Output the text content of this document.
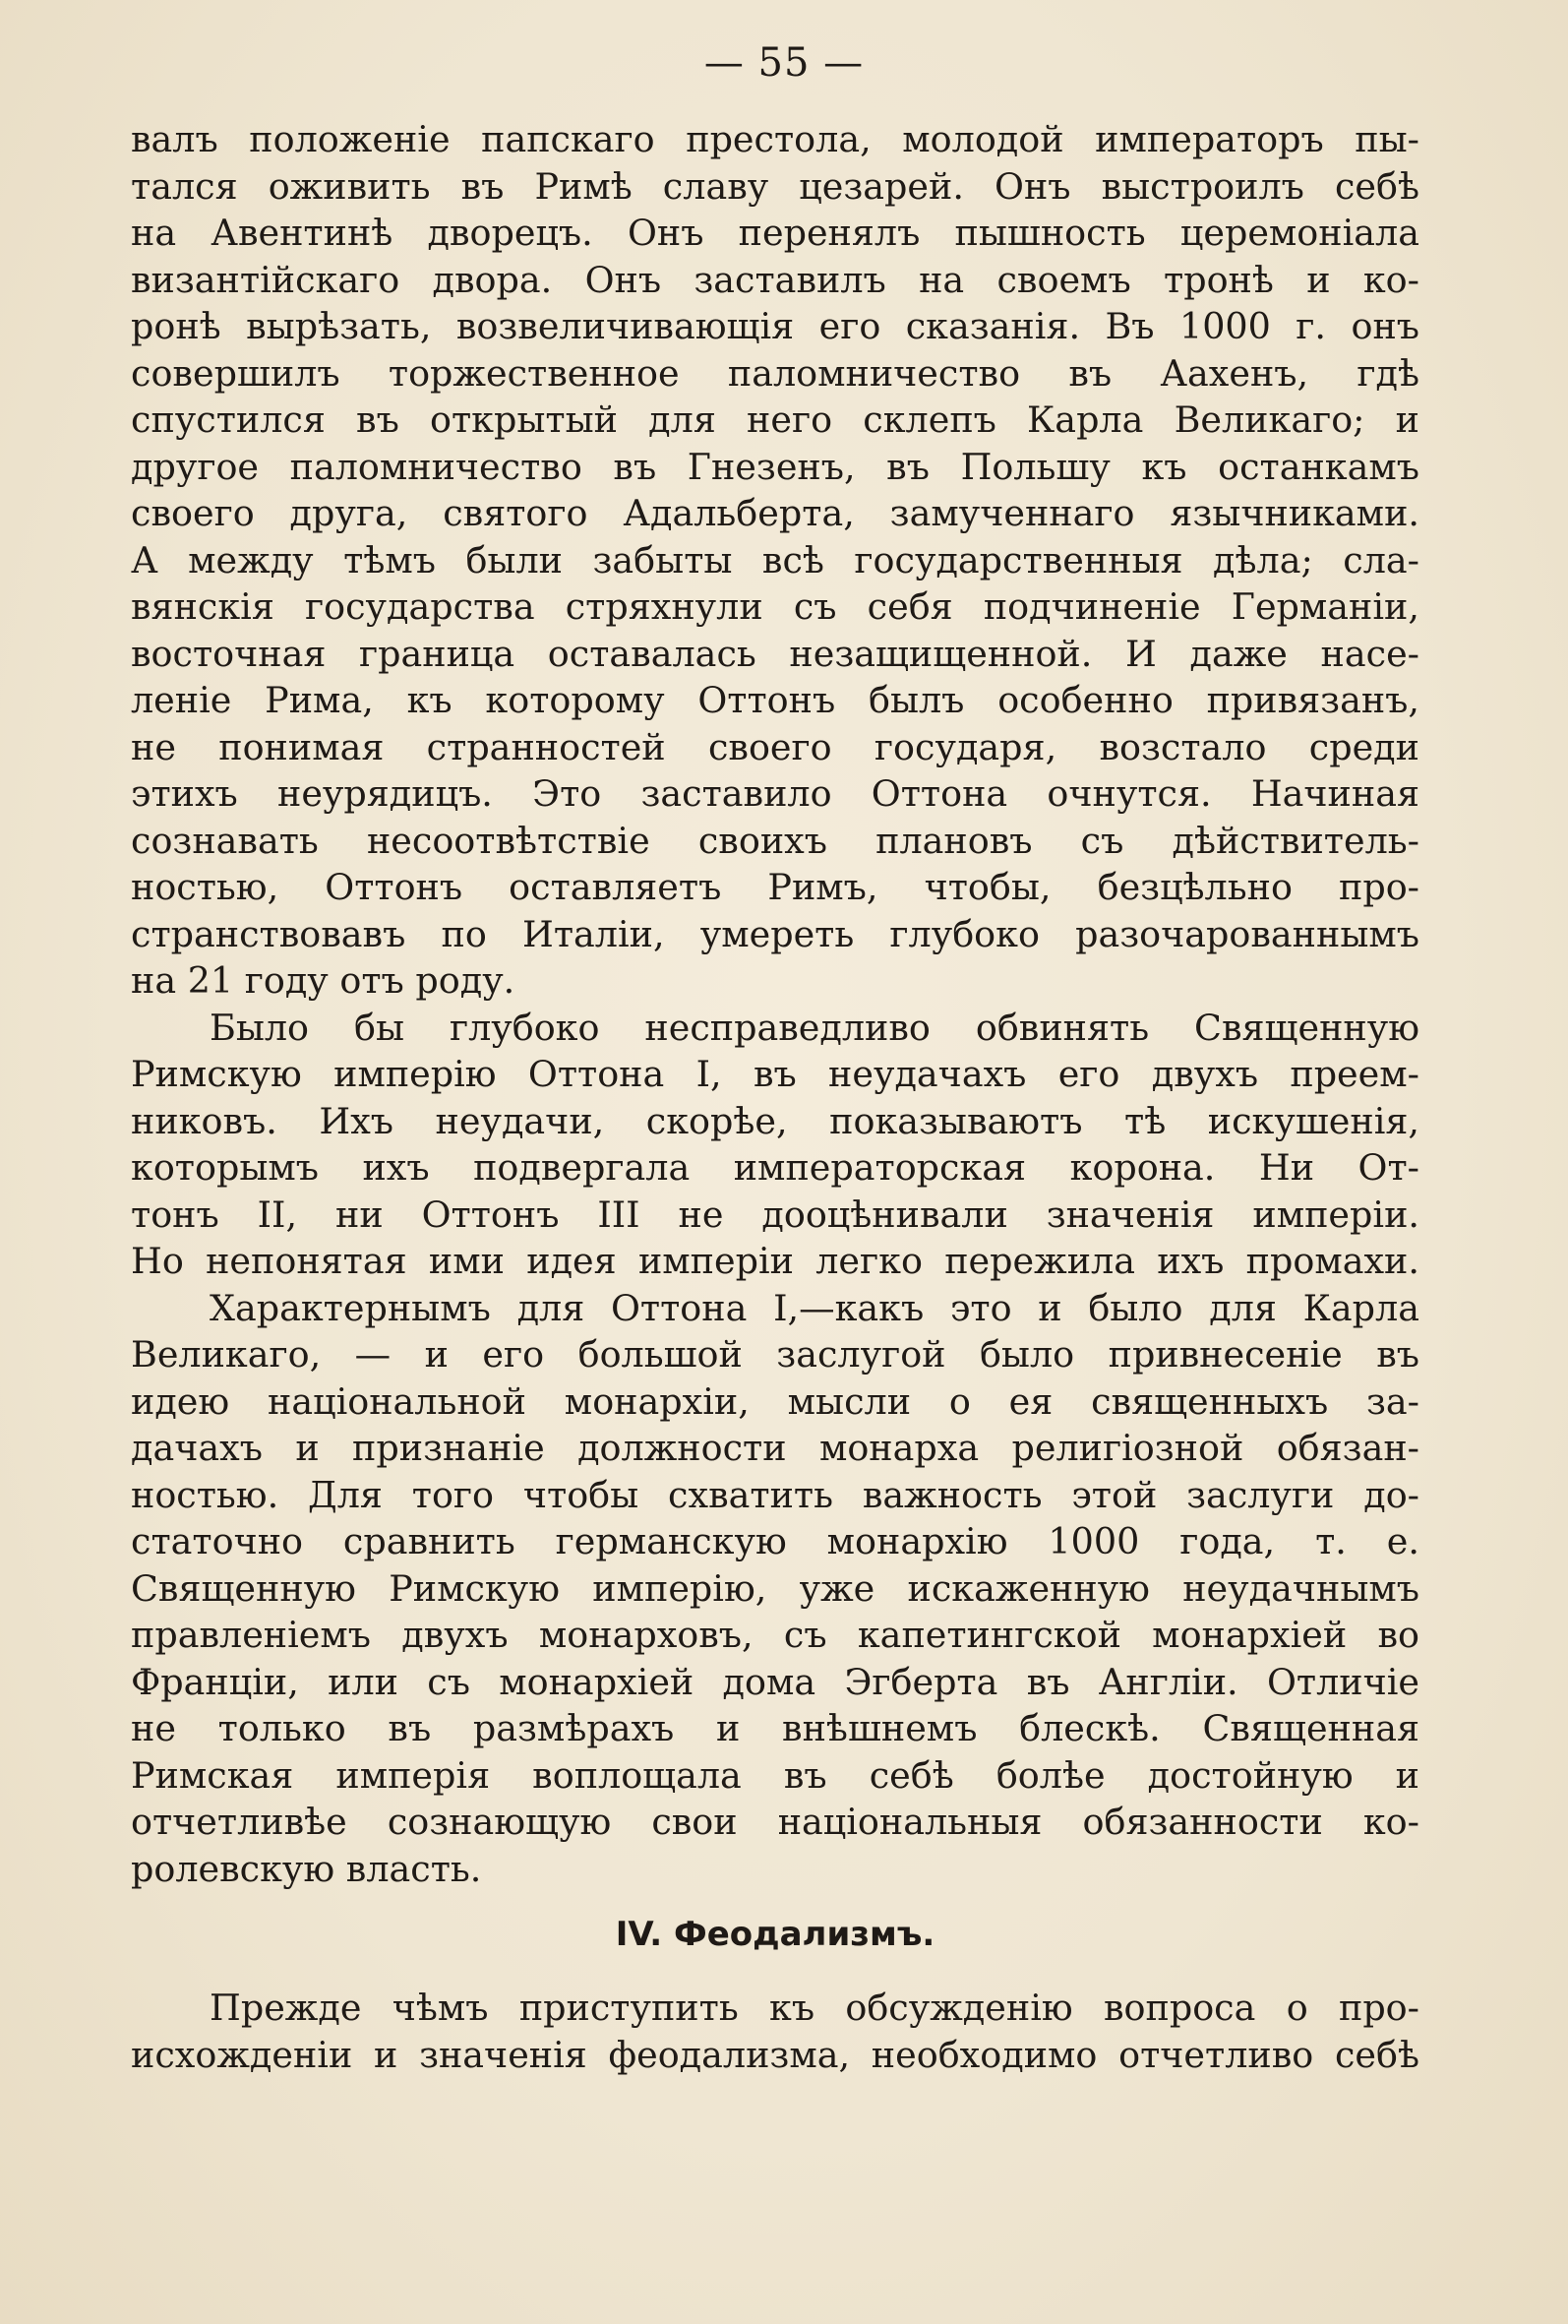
— 55 —
валъ положеніе папскаго престола, молодой императоръ пы-
тался оживить въ Римѣ славу цезарей. Онъ выстроилъ себѣ
на Авентинѣ дворецъ. Онъ перенялъ пышность церемоніала
византійскаго двора. Онъ заставилъ на своемъ тронѣ и ко-
ронѣ вырѣзать, возвеличивающія его сказанія. Въ 1000 г. онъ
совершилъ торжественное паломничество въ Аахенъ, гдѣ
спустился въ открытый для него склепъ Карла Великаго; и
другое паломничество въ Гнезенъ, въ Польшу къ останкамъ
своего друга, святого Адальберта, замученнаго язычниками.
А между тѣмъ были забыты всѣ государственныя дѣла; сла-
вянскія государства стряхнули съ себя подчиненіе Германіи,
восточная граница оставалась незащищенной. И даже насе-
леніе Рима, къ которому Оттонъ былъ особенно привязанъ,
не понимая странностей своего государя, возстало среди
этихъ неурядицъ. Это заставило Оттона очнутся. Начиная
сознавать несоотвѣтствіе своихъ плановъ съ дѣйствитель-
ностью, Оттонъ оставляетъ Римъ, чтобы, безцѣльно про-
странствовавъ по Италіи, умереть глубоко разочарованнымъ
на 21 году отъ роду.
Было бы глубоко несправедливо обвинять Священную
Римскую имперію Оттона I, въ неудачахъ его двухъ преем-
никовъ. Ихъ неудачи, скорѣе, показываютъ тѣ искушенія,
которымъ ихъ подвергала императорская корона. Ни От-
тонъ II, ни Оттонъ III не дооцѣнивали значенія имперіи.
Но непонятая ими идея имперіи легко пережила ихъ промахи.
Характернымъ для Оттона I,—какъ это и было для Карла
Великаго, — и его большой заслугой было привнесеніе въ
идею національной монархіи, мысли о ея священныхъ за-
дачахъ и признаніе должности монарха религіозной обязан-
ностью. Для того чтобы схватить важность этой заслуги до-
статочно сравнить германскую монархію 1000 года, т. е.
Священную Римскую имперію, уже искаженную неудачнымъ
правленіемъ двухъ монарховъ, съ капетингской монархіей во
Франціи, или съ монархіей дома Эгберта въ Англіи. Отличіе
не только въ размѣрахъ и внѣшнемъ блескѣ. Священная
Римская имперія воплощала въ себѣ болѣе достойную и
отчетливѣе сознающую свои національныя обязанности ко-
ролевскую власть.
IV. Феодализмъ.
Прежде чѣмъ приступить къ обсужденію вопроса о про-
исхожденіи и значенія феодализма, необходимо отчетливо себѣ
